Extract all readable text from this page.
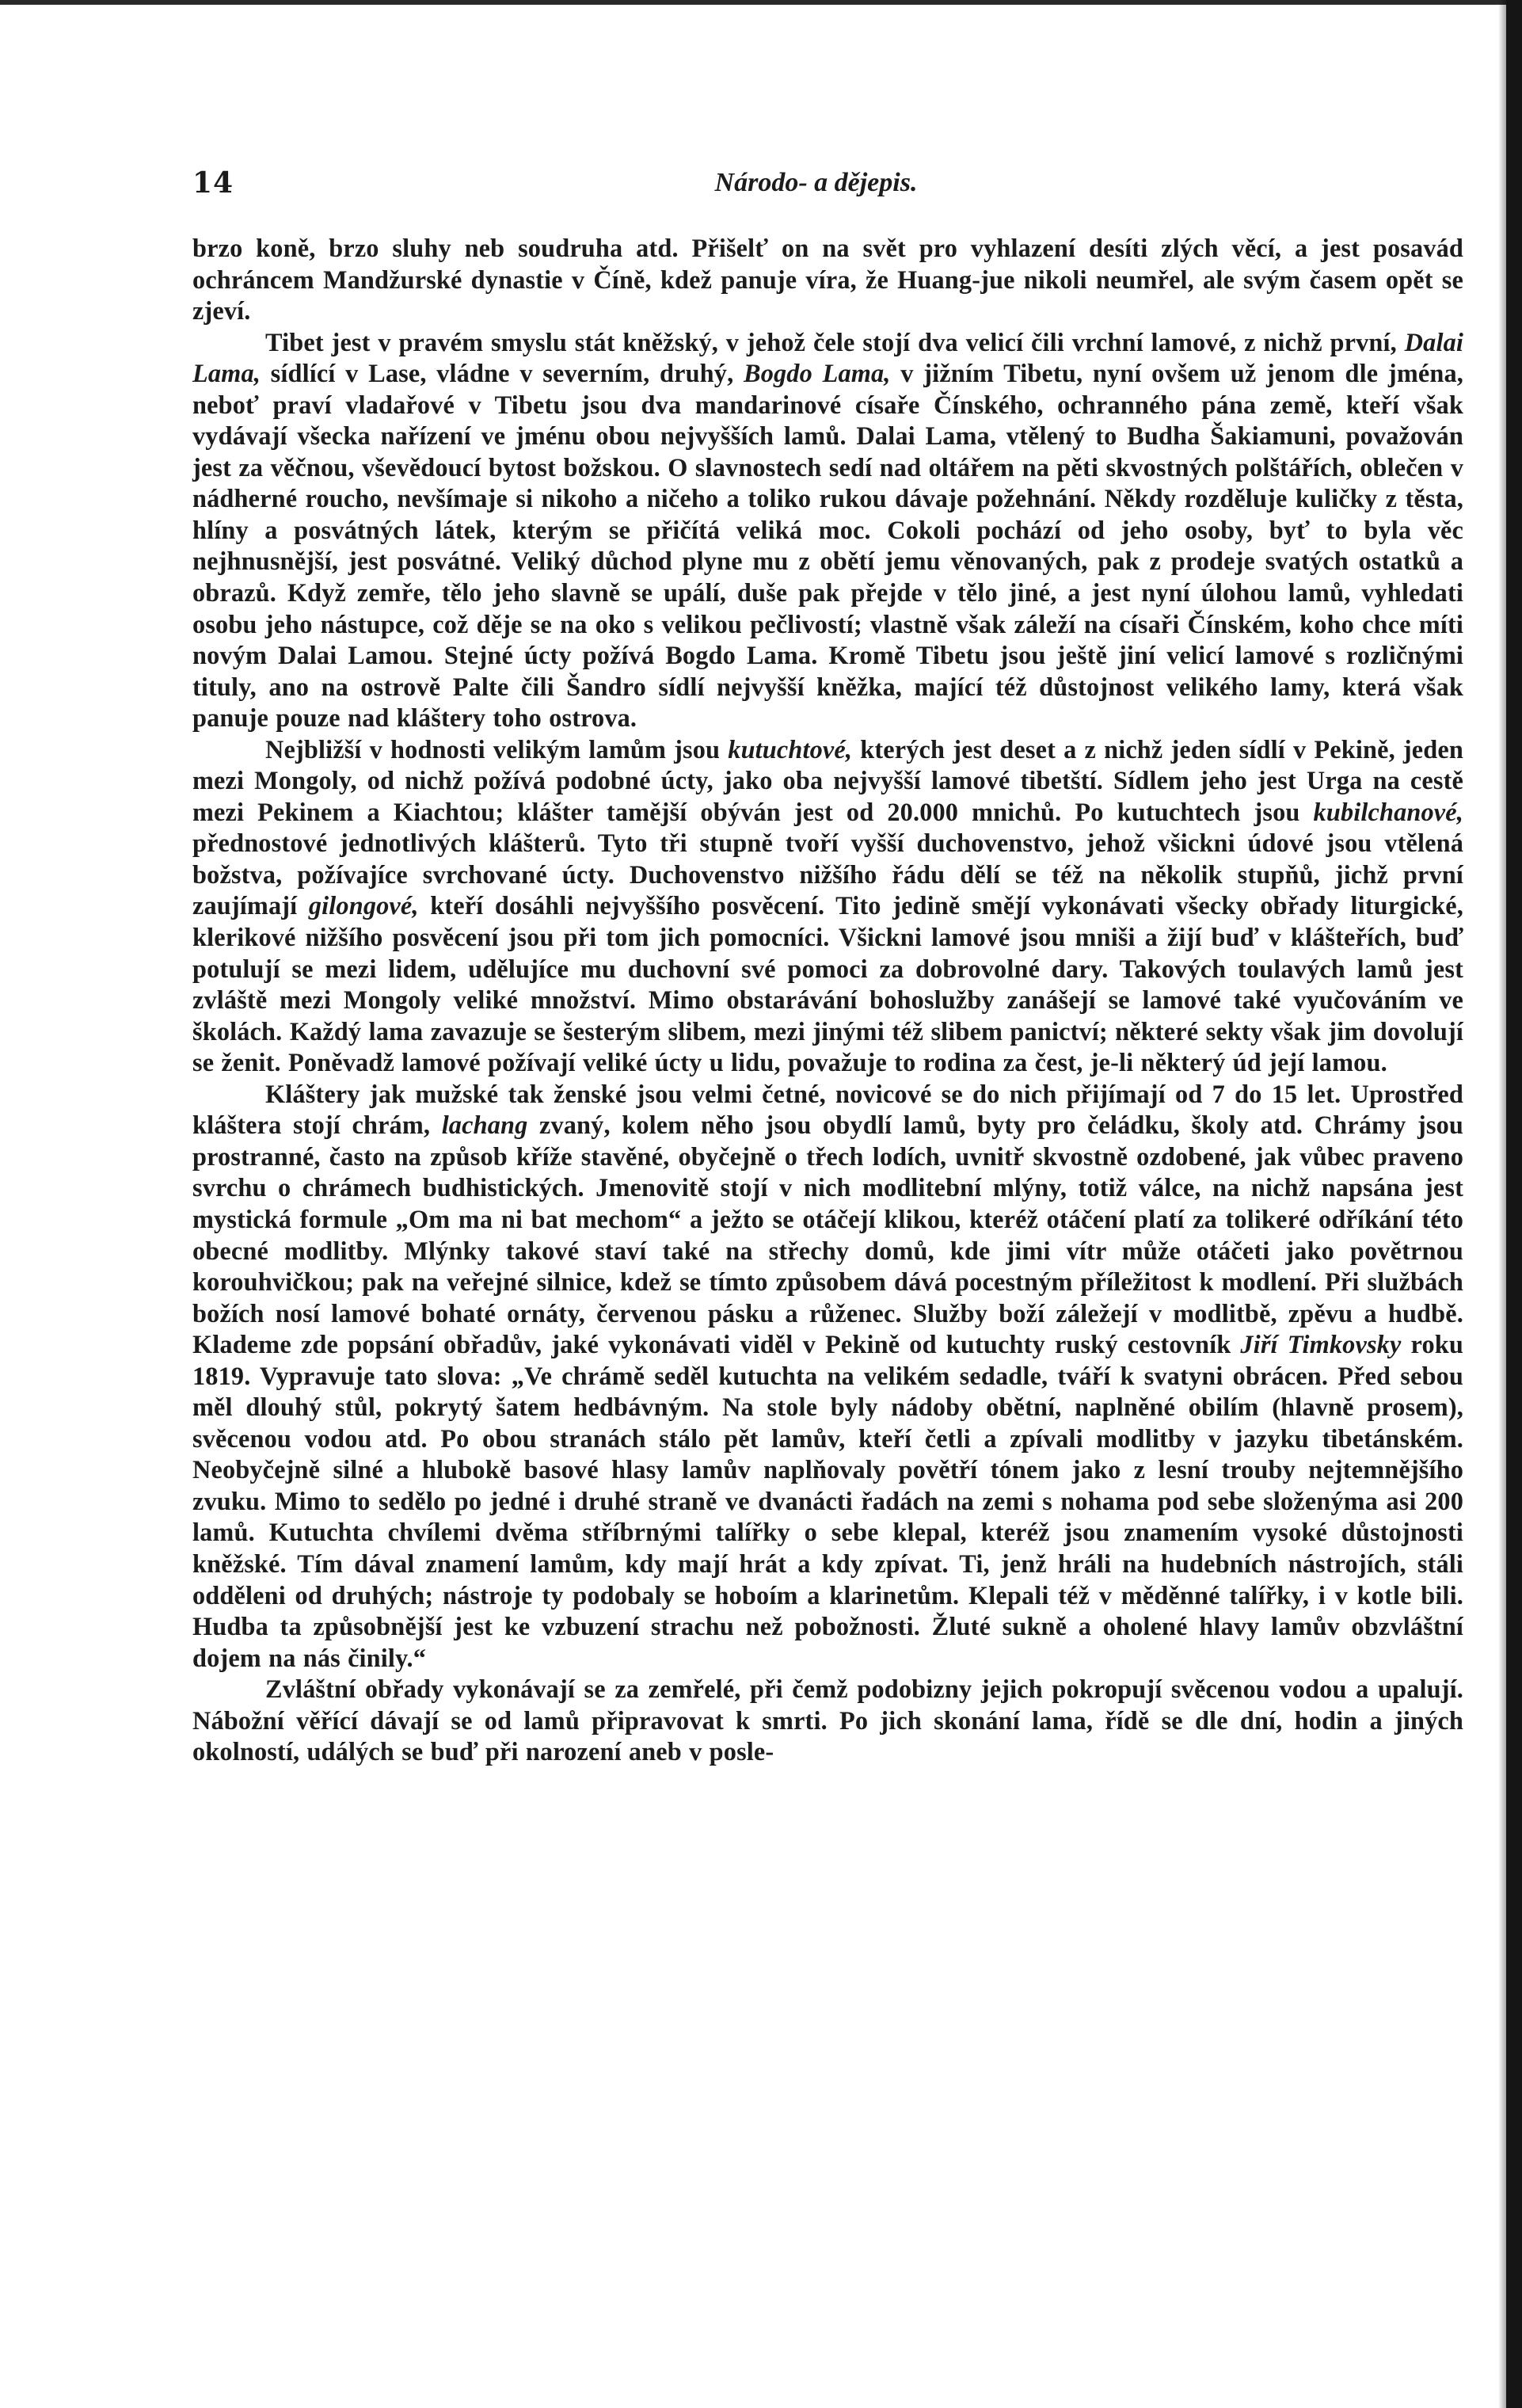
14	Národo- a dějepis.

brzo koně, brzo sluhy neb soudruha atd. Přišelť on na svět pro vyhlazení desíti zlých věcí, a jest posavád ochráncem Mandžurské dynastie v Číně, kdež panuje víra, že Huang-jue nikoli neumřel, ale svým časem opět se zjeví.

Tibet jest v pravém smyslu stát kněžský, v jehož čele stojí dva velicí čili vrchní lamové, z nichž první, Dalai Lama, sídlící v Lase, vládne v severním, druhý, Bogdo Lama, v jižním Tibetu, nyní ovšem už jenom dle jména, neboť praví vladařové v Tibetu jsou dva mandarinové císaře Čínského, ochranného pána země, kteří však vydávají všecka nařízení ve jménu obou nejvyšších lamů. Dalai Lama, vtělený to Budha Šakiamuni, považován jest za věčnou, vševědoucí bytost božskou. O slavnostech sedí nad oltářem na pěti skvostných polštářích, oblečen v nádherné roucho, nevšímaje si nikoho a ničeho a toliko rukou dávaje požehnání. Někdy rozděluje kuličky z těsta, hlíny a posvátných látek, kterým se přičítá veliká moc. Cokoli pochází od jeho osoby, byť to byla věc nejhnusnější, jest posvátné. Veliký důchod plyne mu z obětí jemu věnovaných, pak z prodeje svatých ostatků a obrazů. Když zemře, tělo jeho slavně se upálí, duše pak přejde v tělo jiné, a jest nyní úlohou lamů, vyhledati osobu jeho nástupce, což děje se na oko s velikou pečlivostí; vlastně však záleží na císaři Čínském, koho chce míti novým Dalai Lamou. Stejné úcty požívá Bogdo Lama. Kromě Tibetu jsou ještě jiní velicí lamové s rozličnými tituly, ano na ostrově Palte čili Šandro sídlí nejvyšší kněžka, mající též důstojnost velikého lamy, která však panuje pouze nad kláštery toho ostrova.

Nejbližší v hodnosti velikým lamům jsou kutuchtové, kterých jest deset a z nichž jeden sídlí v Pekině, jeden mezi Mongoly, od nichž požívá podobné úcty, jako oba nejvyšší lamové tibetští. Sídlem jeho jest Urga na cestě mezi Pekinem a Kiachtou; klášter tamější obýván jest od 20.000 mnichů. Po kutuchtech jsou kubilchanové, přednostové jednotlivých klášterů. Tyto tři stupně tvoří vyšší duchovenstvo, jehož všickni údové jsou vtělená božstva, požívajíce svrchované úcty. Duchovenstvo nižšího řádu dělí se též na několik stupňů, jichž první zaujímají gilongové, kteří dosáhli nejvyššího posvěcení. Tito jedině smějí vykonávati všecky obřady liturgické, klerikové nižšího posvěcení jsou při tom jich pomocníci. Všickni lamové jsou mniši a žijí buď v klášteřích, buď potulují se mezi lidem, udělujíce mu duchovní své pomoci za dobrovolné dary. Takových toulavých lamů jest zvláště mezi Mongoly veliké množství. Mimo obstarávání bohoslužby zanášejí se lamové také vyučováním ve školách. Každý lama zavazuje se šesterým slibem, mezi jinými též slibem panictví; některé sekty však jim dovolují se ženit. Poněvadž lamové požívají veliké úcty u lidu, považuje to rodina za čest, je-li některý úd její lamou.

Kláštery jak mužské tak ženské jsou velmi četné, novicové se do nich přijímají od 7 do 15 let. Uprostřed kláštera stojí chrám, lachang zvaný, kolem něho jsou obydlí lamů, byty pro čeládku, školy atd. Chrámy jsou prostranné, často na způsob kříže stavěné, obyčejně o třech lodích, uvnitř skvostně ozdobené, jak vůbec praveno svrchu o chrámech budhistických. Jmenovitě stojí v nich modlitební mlýny, totiž válce, na nichž napsána jest mystická formule „Om ma ni bat mechom“ a ježto se otáčejí klikou, kteréž otáčení platí za tolikeré odříkání této obecné modlitby. Mlýnky takové staví také na střechy domů, kde jimi vítr může otáčeti jako povětrnou korouhvičkou; pak na veřejné silnice, kdež se tímto způsobem dává pocestným příležitost k modlení. Při službách božích nosí lamové bohaté ornáty, červenou pásku a růženec. Služby boží záležejí v modlitbě, zpěvu a hudbě. Klademe zde popsání obřadův, jaké vykonávati viděl v Pekině od kutuchty ruský cestovník Jiří Timkovsky roku 1819. Vypravuje tato slova: „Ve chrámě seděl kutuchta na velikém sedadle, tváří k svatyni obrácen. Před sebou měl dlouhý stůl, pokrytý šatem hedbávným. Na stole byly nádoby obětní, naplněné obilím (hlavně prosem), svěcenou vodou atd. Po obou stranách stálo pět lamův, kteří četli a zpívali modlitby v jazyku tibetánském. Neobyčejně silné a hlubokě basové hlasy lamův naplňovaly povětří tónem jako z lesní trouby nejtemnějšího zvuku. Mimo to sedělo po jedné i druhé straně ve dvanácti řadách na zemi s nohama pod sebe složenýma asi 200 lamů. Kutuchta chvílemi dvěma stříbrnými talířky o sebe klepal, kteréž jsou znamením vysoké důstojnosti kněžské. Tím dával znamení lamům, kdy mají hrát a kdy zpívat. Ti, jenž hráli na hudebních nástrojích, stáli odděleni od druhých; nástroje ty podobaly se hoboím a klarinetům. Klepali též v měděnné talířky, i v kotle bili. Hudba ta způsobnější jest ke vzbuzení strachu než pobožnosti. Žluté sukně a oholené hlavy lamův obzvláštní dojem na nás činily.“

Zvláštní obřady vykonávají se za zemřelé, při čemž podobizny jejich pokropují svěcenou vodou a upalují. Nábožní věřící dávají se od lamů připravovat k smrti. Po jich skonání lama, řídě se dle dní, hodin a jiných okolností, událých se buď při narození aneb v posle-
